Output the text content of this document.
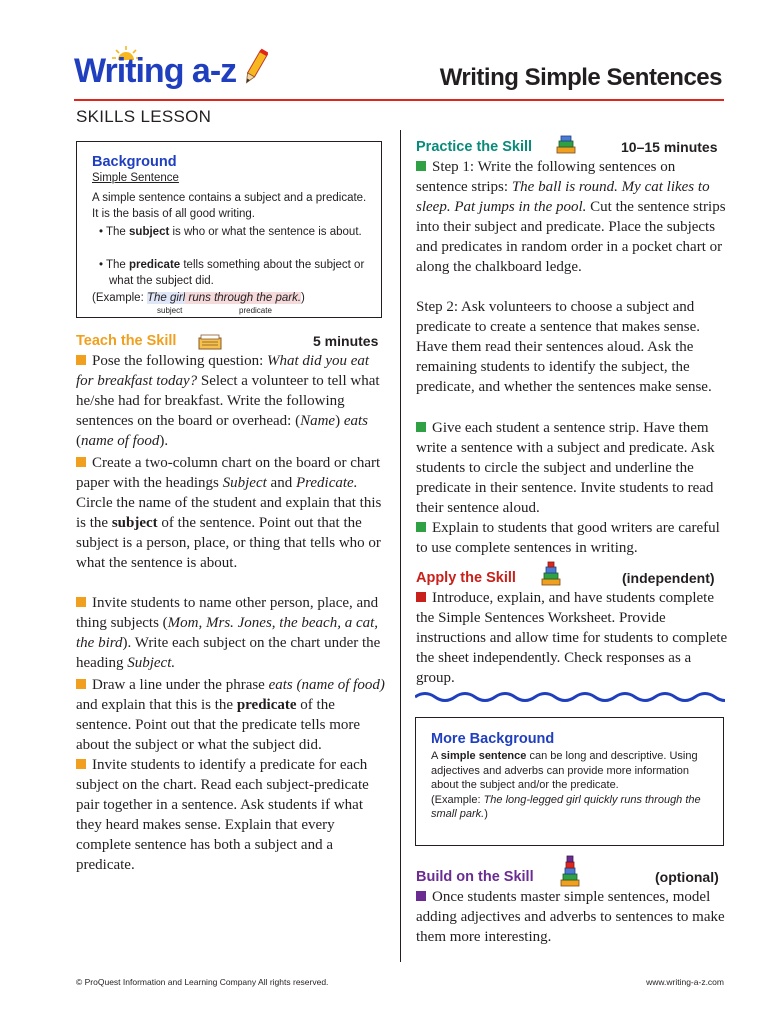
Writing a-z	Writing Simple Sentences
SKILLS LESSON
Background
Simple Sentence
A simple sentence contains a subject and a predicate. It is the basis of all good writing.
• The subject is who or what the sentence is about.
• The predicate tells something about the subject or what the subject did.
(Example: The girl runs through the park.)
subject	predicate
Teach the Skill	5 minutes
Pose the following question: What did you eat for breakfast today? Select a volunteer to tell what he/she had for breakfast. Write the following sentences on the board or overhead: (Name) eats (name of food).
Create a two-column chart on the board or chart paper with the headings Subject and Predicate. Circle the name of the student and explain that this is the subject of the sentence. Point out that the subject is a person, place, or thing that tells who or what the sentence is about.
Invite students to name other person, place, and thing subjects (Mom, Mrs. Jones, the beach, a cat, the bird). Write each subject on the chart under the heading Subject.
Draw a line under the phrase eats (name of food) and explain that this is the predicate of the sentence. Point out that the predicate tells more about the subject or what the subject did.
Invite students to identify a predicate for each subject on the chart. Read each subject-predicate pair together in a sentence. Ask students if what they heard makes sense. Explain that every complete sentence has both a subject and a predicate.
Practice the Skill	10–15 minutes
Step 1: Write the following sentences on sentence strips: The ball is round. My cat likes to sleep. Pat jumps in the pool. Cut the sentence strips into their subject and predicate. Place the subjects and predicates in random order in a pocket chart or along the chalkboard ledge.
Step 2: Ask volunteers to choose a subject and predicate to create a sentence that makes sense. Have them read their sentences aloud. Ask the remaining students to identify the subject, the predicate, and whether the sentences make sense.
Give each student a sentence strip. Have them write a sentence with a subject and predicate. Ask students to circle the subject and underline the predicate in their sentence. Invite students to read their sentence aloud.
Explain to students that good writers are careful to use complete sentences in writing.
Apply the Skill	(independent)
Introduce, explain, and have students complete the Simple Sentences Worksheet. Provide instructions and allow time for students to complete the sheet independently. Check responses as a group.
More Background
A simple sentence can be long and descriptive. Using adjectives and adverbs can provide more information about the subject and/or the predicate.
(Example: The long-legged girl quickly runs through the small park.)
Build on the Skill	(optional)
Once students master simple sentences, model adding adjectives and adverbs to sentences to make them more interesting.
© ProQuest Information and Learning Company All rights reserved.	www.writing-a-z.com
